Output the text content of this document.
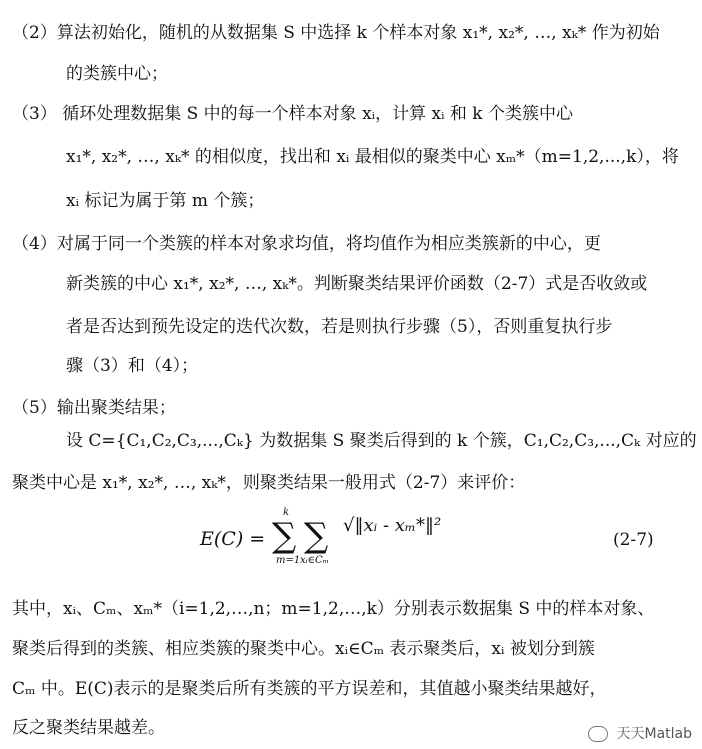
（2）算法初始化，随机的从数据集 S 中选择 k 个样本对象 x₁*, x₂*, …, xₖ* 作为初始
的类簇中心；
（3） 循环处理数据集 S 中的每一个样本对象 xᵢ，计算 xᵢ 和 k 个类簇中心
x₁*, x₂*, …, xₖ* 的相似度，找出和 xᵢ 最相似的聚类中心 xₘ*（m=1,2,...,k），将
xᵢ 标记为属于第 m 个簇；
（4）对属于同一个类簇的样本对象求均值，将均值作为相应类簇新的中心，更
新类簇的中心 x₁*, x₂*, …, xₖ*。判断聚类结果评价函数（2-7）式是否收敛或
者是否达到预先设定的迭代次数，若是则执行步骤（5），否则重复执行步
骤（3）和（4）；
（5）输出聚类结果；
设 C={C₁,C₂,C₃,...,Cₖ} 为数据集 S 聚类后得到的 k 个簇，C₁,C₂,C₃,...,Cₖ 对应的
聚类中心是 x₁*, x₂*, …, xₖ*，则聚类结果一般用式（2-7）来评价：
E(C) =
k
∑
m=1
∑
xᵢ∈Cₘ
√‖xᵢ - xₘ*‖²
(2-7)
其中，xᵢ、Cₘ、xₘ*（i=1,2,…,n；m=1,2,…,k）分别表示数据集 S 中的样本对象、
聚类后得到的类簇、相应类簇的聚类中心。xᵢ∈Cₘ 表示聚类后，xᵢ 被划分到簇
Cₘ 中。E(C)表示的是聚类后所有类簇的平方误差和，其值越小聚类结果越好，
反之聚类结果越差。	天天Matlab
